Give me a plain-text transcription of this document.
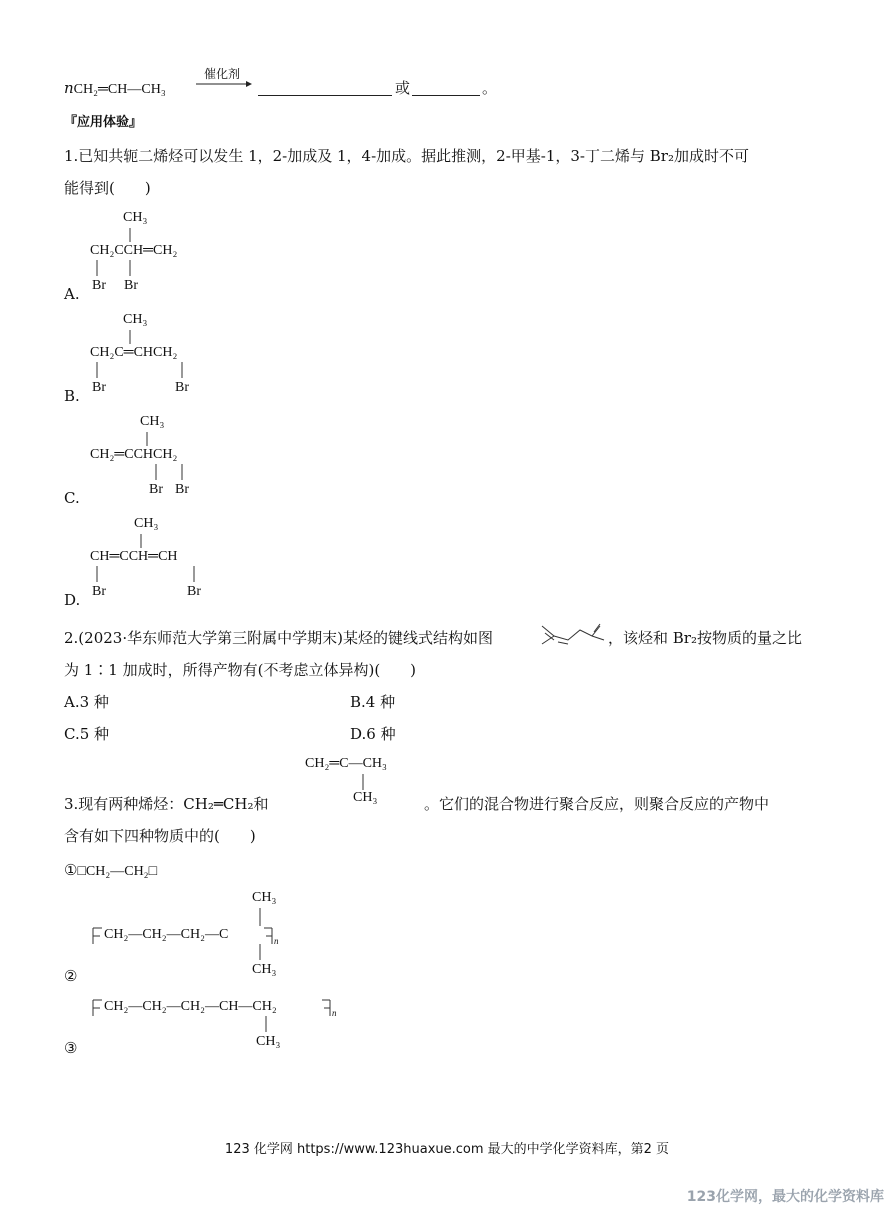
nCH₂═CH—CH₃
催化剂
或	。
『应用体验』
1.已知共轭二烯烃可以发生 1，2-加成及 1，4-加成。据此推测，2-甲基-1，3-丁二烯与 Br₂加成时不可
能得到(　　)
A.
CH₃
CH₂CCH═CH₂
Br Br
B.
CH₃
CH₂C═CHCH₂
Br	Br
C.
CH₃
CH₂═CCHCH₂
Br Br
D.
CH₃
CH═CCH═CH
Br	Br
2.(2023·华东师范大学第三附属中学期末)某烃的键线式结构如图	，该烃和 Br₂按物质的量之比
为 1∶1 加成时，所得产物有(不考虑立体异构)(　　)
A.3 种	B.4 种
C.5 种	D.6 种
3.现有两种烯烃：CH₂═CH₂和
CH₂═C—CH₃
CH₃	。它们的混合物进行聚合反应，则聚合反应的产物中
含有如下四种物质中的(　　)
①□CH₂—CH₂□
CH₃
CH₂—CH₂—CH₂—C	n
CH₃
②
CH₂—CH₂—CH₂—CH—CH₂	n
CH₃
③
123 化学网 https://www.123huaxue.com 最大的中学化学资料库，第2 页
123化学网，最大的化学资料库
